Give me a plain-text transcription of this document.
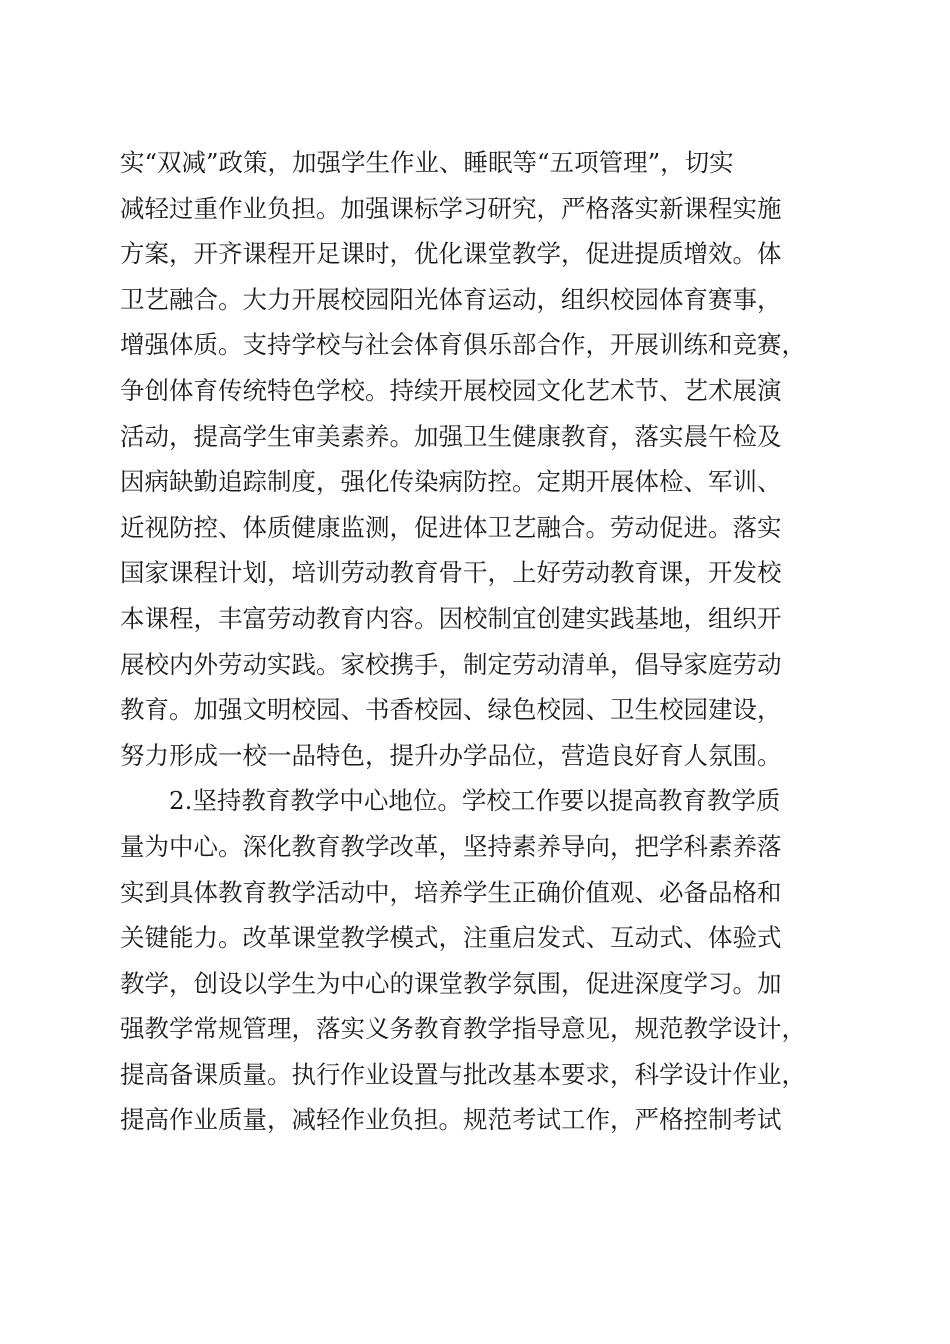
实“双减”政策，加强学生作业、睡眠等“五项管理”，切实
减轻过重作业负担。加强课标学习研究，严格落实新课程实施
方案，开齐课程开足课时，优化课堂教学，促进提质增效。体
卫艺融合。大力开展校园阳光体育运动，组织校园体育赛事，
增强体质。支持学校与社会体育俱乐部合作，开展训练和竞赛，
争创体育传统特色学校。持续开展校园文化艺术节、艺术展演
活动，提高学生审美素养。加强卫生健康教育，落实晨午检及
因病缺勤追踪制度，强化传染病防控。定期开展体检、军训、
近视防控、体质健康监测，促进体卫艺融合。劳动促进。落实
国家课程计划，培训劳动教育骨干，上好劳动教育课，开发校
本课程，丰富劳动教育内容。因校制宜创建实践基地，组织开
展校内外劳动实践。家校携手，制定劳动清单，倡导家庭劳动
教育。加强文明校园、书香校园、绿色校园、卫生校园建设，
努力形成一校一品特色，提升办学品位，营造良好育人氛围。
　　2.坚持教育教学中心地位。学校工作要以提高教育教学质
量为中心。深化教育教学改革，坚持素养导向，把学科素养落
实到具体教育教学活动中，培养学生正确价值观、必备品格和
关键能力。改革课堂教学模式，注重启发式、互动式、体验式
教学，创设以学生为中心的课堂教学氛围，促进深度学习。加
强教学常规管理，落实义务教育教学指导意见，规范教学设计，
提高备课质量。执行作业设置与批改基本要求，科学设计作业，
提高作业质量，减轻作业负担。规范考试工作，严格控制考试
